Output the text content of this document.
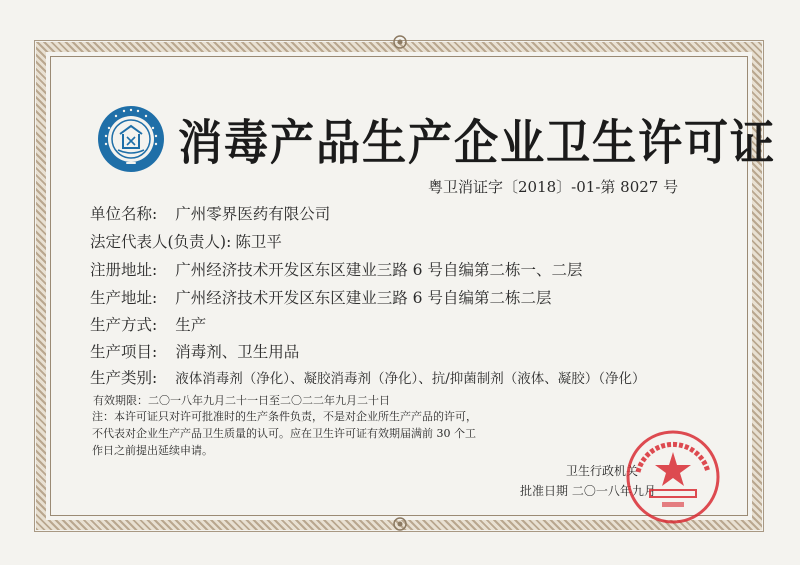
消毒产品生产企业卫生许可证
粤卫消证字〔2018〕-01-第 8027 号
单位名称: 广州零界医药有限公司
法定代表人(负责人): 陈卫平
注册地址: 广州经济技术开发区东区建业三路 6 号自编第二栋一、二层
生产地址: 广州经济技术开发区东区建业三路 6 号自编第二栋二层
生产方式: 生产
生产项目: 消毒剂、卫生用品
生产类别: 液体消毒剂（净化）、凝胶消毒剂（净化）、抗/抑菌制剂（液体、凝胶）（净化）
有效期限：二〇一八年九月二十一日至二〇二二年九月二十日
注：本许可证只对许可批准时的生产条件负责，不是对企业所生产产品的许可，
不代表对企业生产产品卫生质量的认可。应在卫生许可证有效期届满前 30 个工
作日之前提出延续申请。
卫生行政机关
批准日期 二〇一八年九月
